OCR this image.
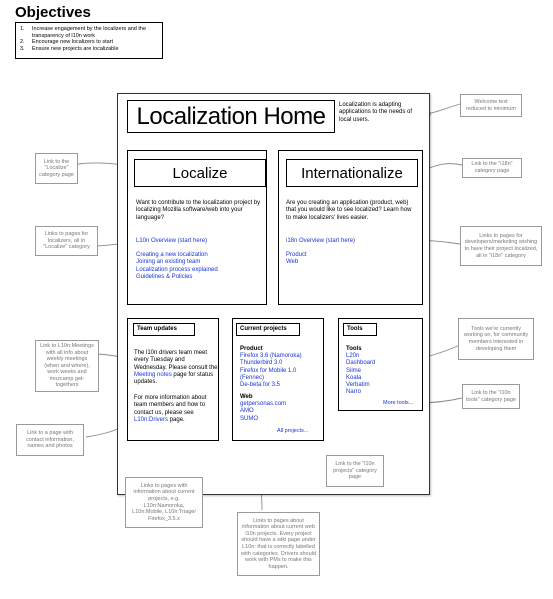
Objectives
1.	Increase engagement by the localizers and the transparency of l10n work
2.	Encourage new localizers to start
3.	Ensure new projects are localizable
Localization Home	Localization is adapting applications to the needs of local users.
Localize
Want to contribute to the localization project by localizing Mozilla software/web into your language?
L10n Overview (start here)
Creating a new localization
Joining an existing team
Localization process explained
Guidelines & Policies
Internationalize
Are you creating an application (product, web) that you would like to see localized? Learn how to make localizers' lives easier.
i18n Overview (start here)
Product
Web
Team updates
The l10n drivers team meet every Tuesday and Wednesday. Please consult the Meeting notes page for status updates.
For more information about team members and how to contact us, please see L10n:Drivers page.
Current projects
Product
Firefox 3.6 (Namoroka)
Thunderbird 3.0
Firefox for Mobile 1.0 (Fennec)
De-beta for 3.5
Web
getpersonas.com
AMO
SUMO
All projects...
Tools
Tools
L20n
Dashboard
Silme
Koala
Verbatim
Narro
More tools...
Welcome text reduced to minimum
Link to the "Localize" category page
Link to the "i18n" category page
Links to pages for localizers, all in "Localize" category
Links to pages for developers/marketing wishing to have their project localized, all in "i18n" category
Tools we're currently working on, for community members interested in developing them
Link to the "l10n tools" category page
Link to L10n:Meetings with all info about weekly meetings (when and where), work weeks and mozcamp get-togethers
Link to a page with contact information, names and photos
Link to the "l10n projects" category page
Links to pages with information about current projects, e.g. L10n:Namoroka, L10n:Mobile, L10n:Triage/ Firefox_3.5.x	Links to pages about information about current web l10n projects. Every project should have a wiki page under L10n: that is correctly labelled with categories. Drivers should work with PMs to make this happen.
